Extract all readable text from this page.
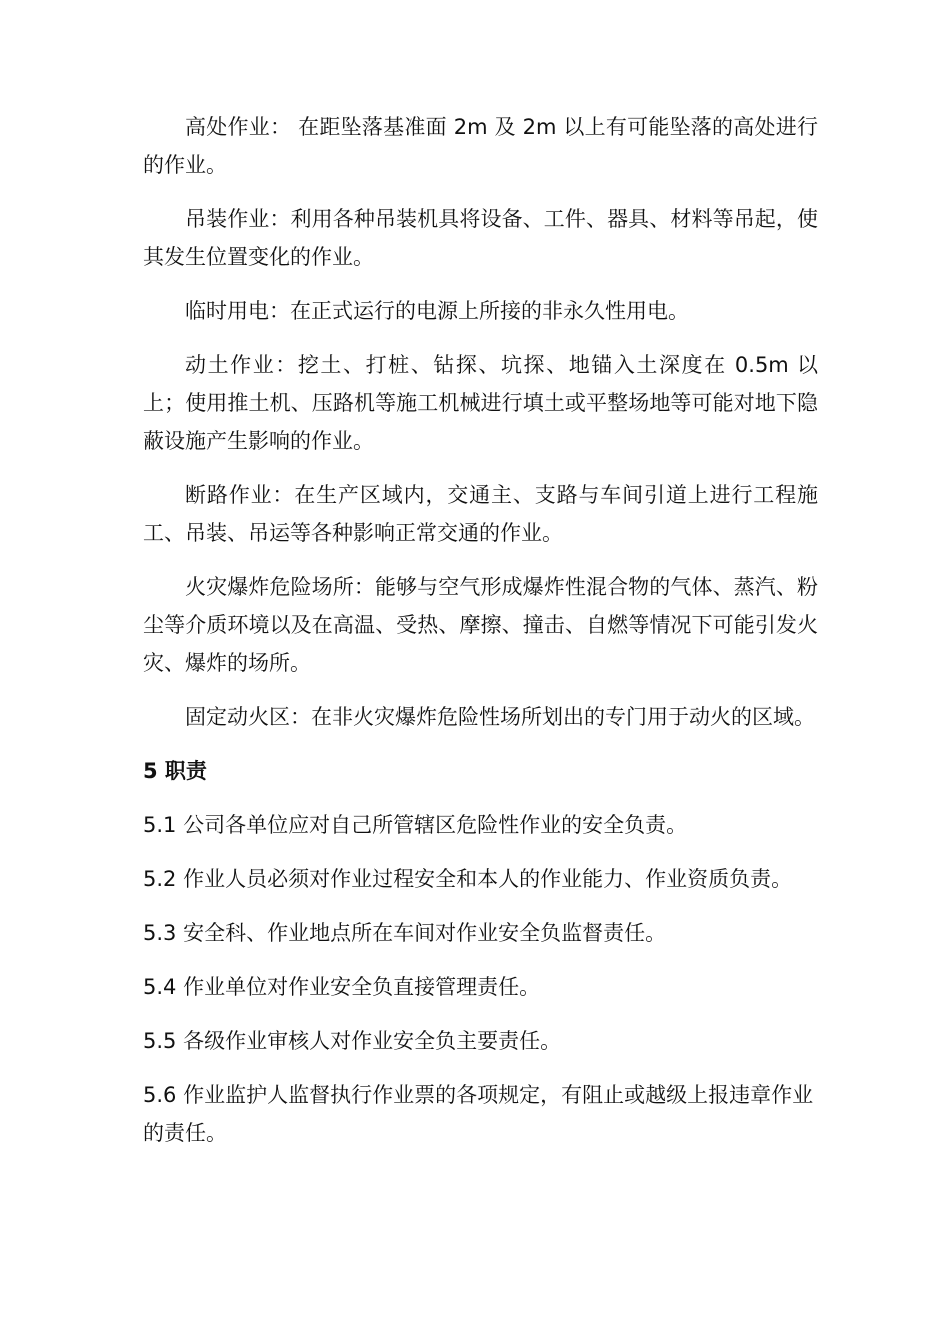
高处作业： 在距坠落基准面 2m 及 2m 以上有可能坠落的高处进行的作业。

吊装作业：利用各种吊装机具将设备、工件、器具、材料等吊起，使其发生位置变化的作业。

临时用电：在正式运行的电源上所接的非永久性用电。

动土作业：挖土、打桩、钻探、坑探、地锚入土深度在 0.5m 以上；使用推土机、压路机等施工机械进行填土或平整场地等可能对地下隐蔽设施产生影响的作业。

断路作业：在生产区域内，交通主、支路与车间引道上进行工程施工、吊装、吊运等各种影响正常交通的作业。

火灾爆炸危险场所：能够与空气形成爆炸性混合物的气体、蒸汽、粉尘等介质环境以及在高温、受热、摩擦、撞击、自燃等情况下可能引发火灾、爆炸的场所。

固定动火区：在非火灾爆炸危险性场所划出的专门用于动火的区域。

5 职责

5.1 公司各单位应对自己所管辖区危险性作业的安全负责。

5.2 作业人员必须对作业过程安全和本人的作业能力、作业资质负责。

5.3 安全科、作业地点所在车间对作业安全负监督责任。

5.4 作业单位对作业安全负直接管理责任。

5.5 各级作业审核人对作业安全负主要责任。

5.6 作业监护人监督执行作业票的各项规定，有阻止或越级上报违章作业的责任。
